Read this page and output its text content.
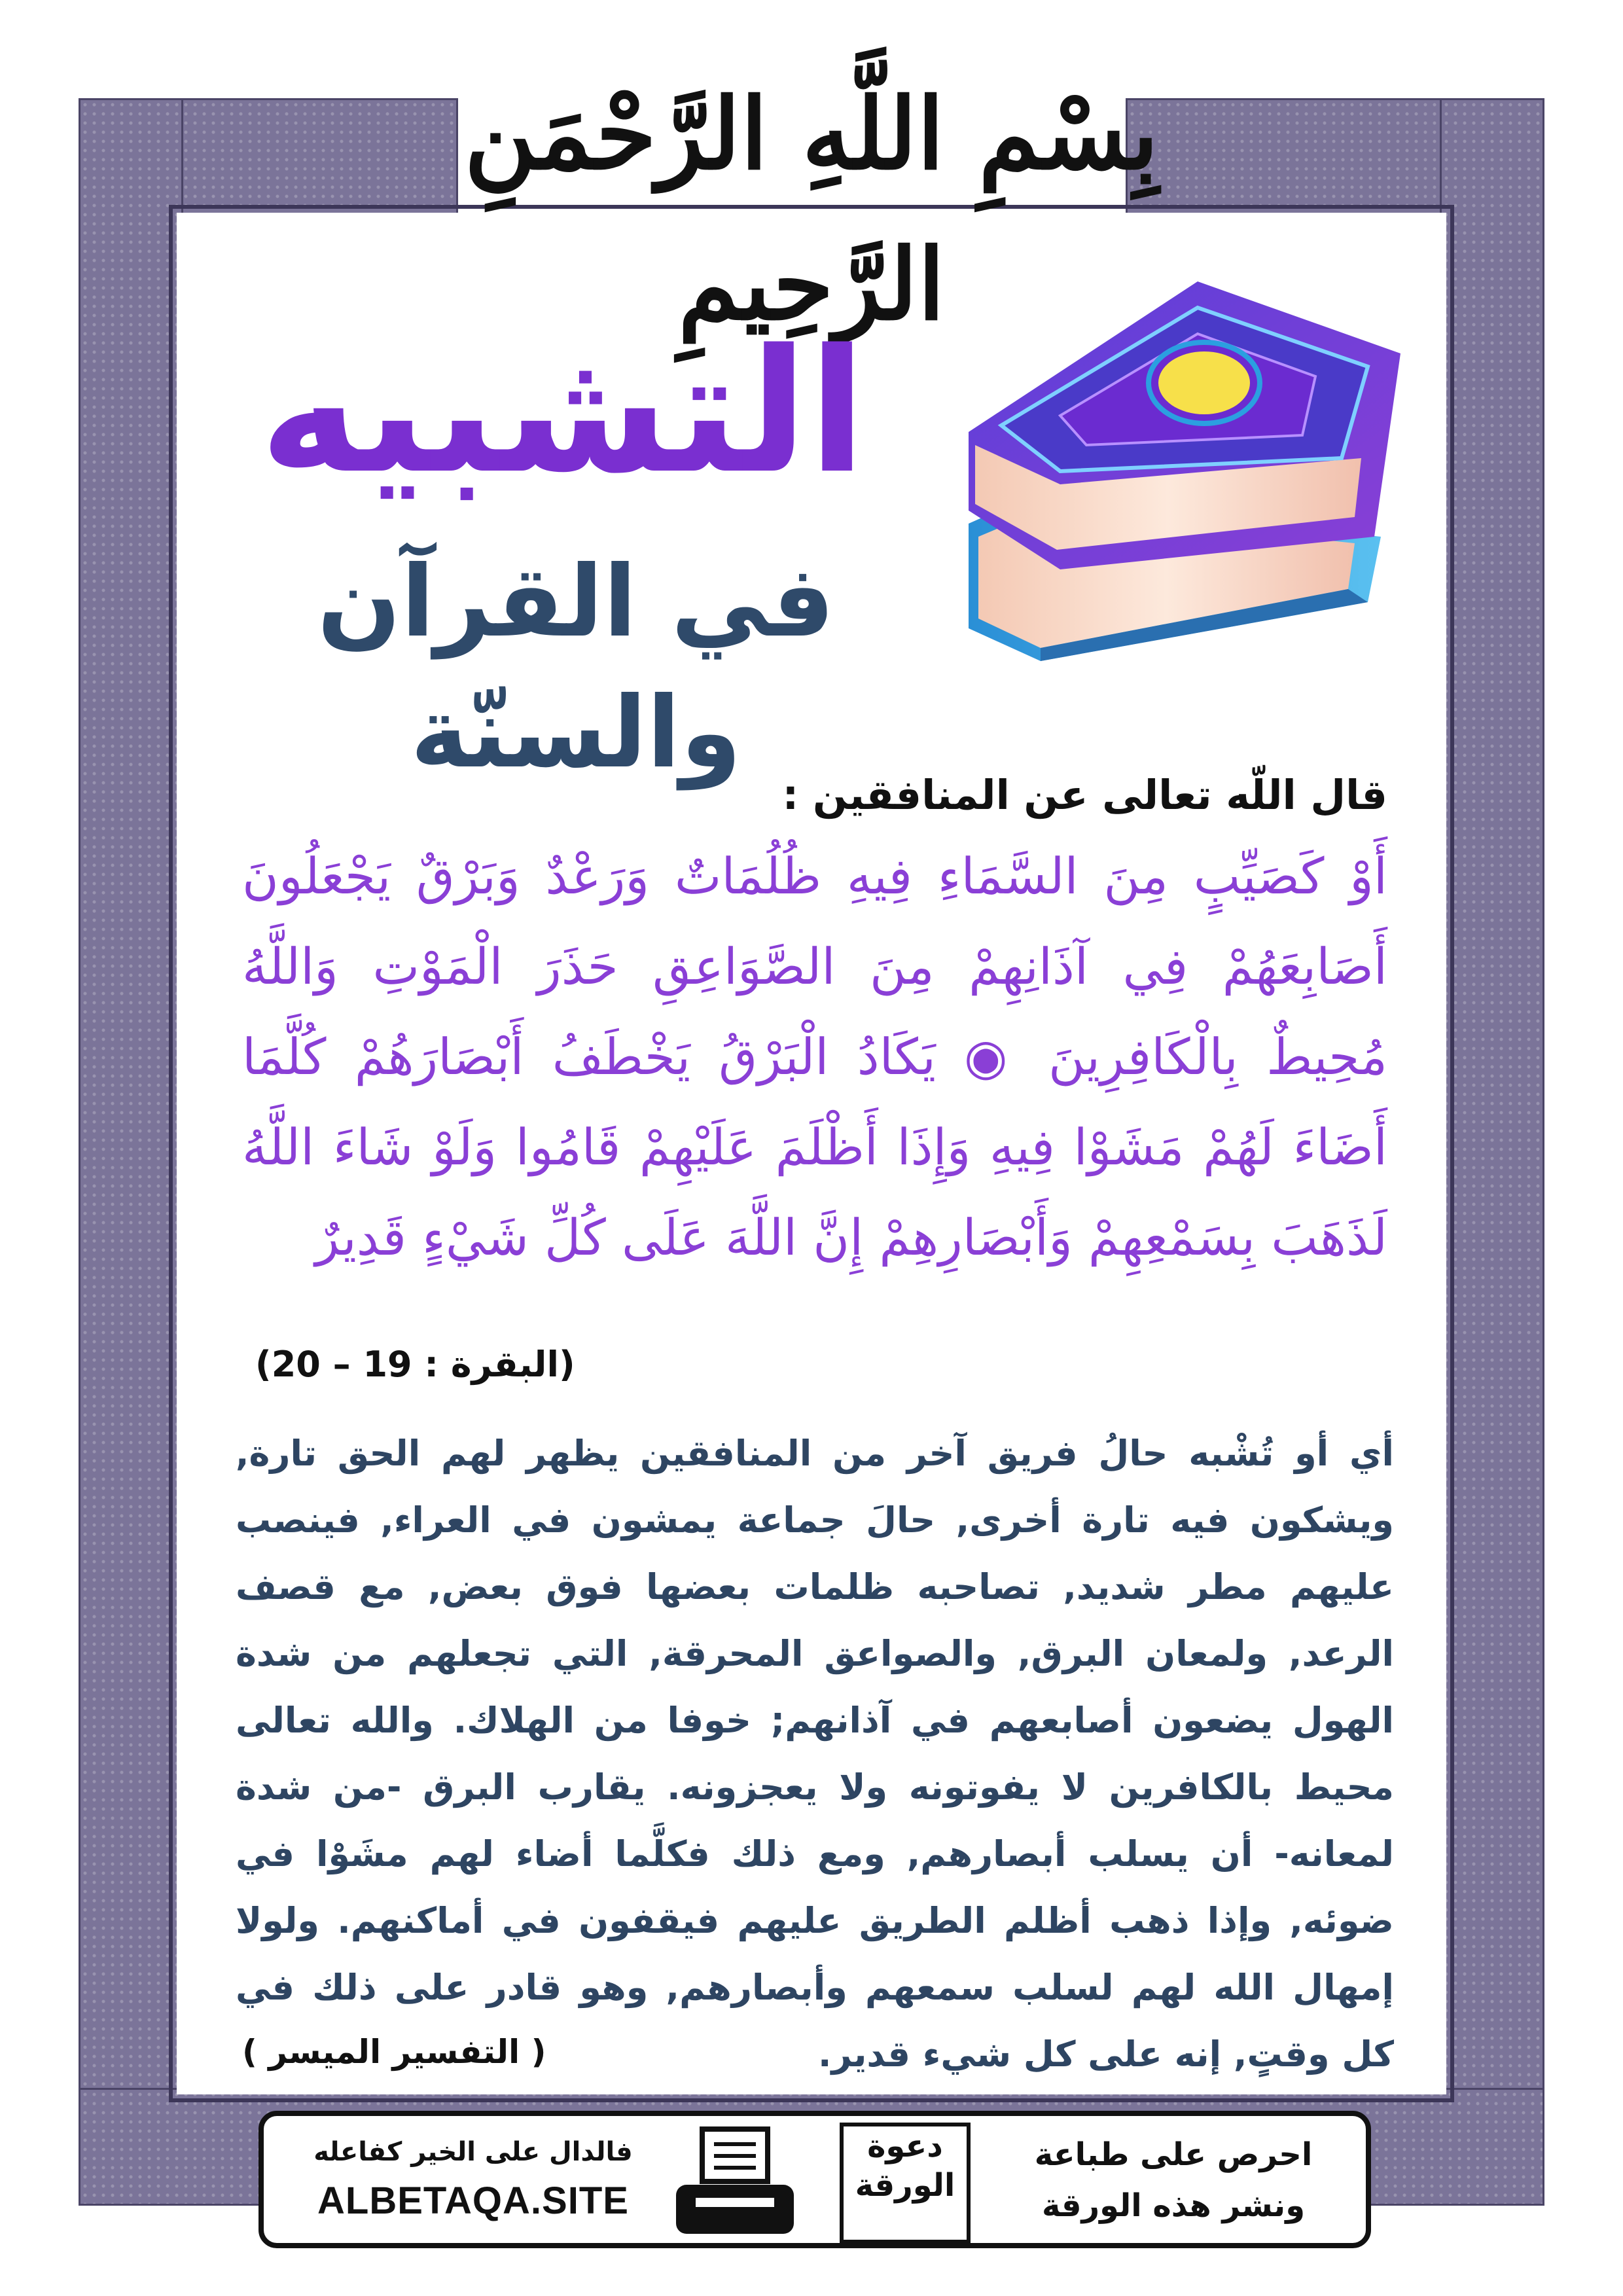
بِسْمِ اللَّهِ الرَّحْمَنِ الرَّحِيمِ
التشبيه
في القرآن والسنّة
قال اللّه تعالى عن المنافقين :
أَوْ كَصَيِّبٍ مِنَ السَّمَاءِ فِيهِ ظُلُمَاتٌ وَرَعْدٌ وَبَرْقٌ يَجْعَلُونَ أَصَابِعَهُمْ فِي آذَانِهِمْ مِنَ الصَّوَاعِقِ حَذَرَ الْمَوْتِ وَاللَّهُ مُحِيطٌ بِالْكَافِرِينَ ◉ يَكَادُ الْبَرْقُ يَخْطَفُ أَبْصَارَهُمْ كُلَّمَا أَضَاءَ لَهُمْ مَشَوْا فِيهِ وَإِذَا أَظْلَمَ عَلَيْهِمْ قَامُوا وَلَوْ شَاءَ اللَّهُ لَذَهَبَ بِسَمْعِهِمْ وَأَبْصَارِهِمْ إِنَّ اللَّهَ عَلَى كُلِّ شَيْءٍ قَدِيرٌ
(البقرة : 19 – 20)
أي أو تُشْبه حالُ فريق آخر من المنافقين يظهر لهم الحق تارة, ويشكون فيه تارة أخرى, حالَ جماعة يمشون في العراء, فينصب عليهم مطر شديد, تصاحبه ظلمات بعضها فوق بعض, مع قصف الرعد, ولمعان البرق, والصواعق المحرقة, التي تجعلهم من شدة الهول يضعون أصابعهم في آذانهم; خوفا من الهلاك. والله تعالى محيط بالكافرين لا يفوتونه ولا يعجزونه. يقارب البرق -من شدة لمعانه- أن يسلب أبصارهم, ومع ذلك فكلَّما أضاء لهم مشَوْا في ضوئه, وإذا ذهب أظلم الطريق عليهم فيقفون في أماكنهم. ولولا إمهال الله لهم لسلب سمعهم وأبصارهم, وهو قادر على ذلك في كل وقتٍ, إنه على كل شيء قدير.
( التفسير الميسر )
فالدال على الخير كفاعله
ALBETAQA.SITE
دعوة
الورقة
احرص على طباعة
ونشر هذه الورقة
